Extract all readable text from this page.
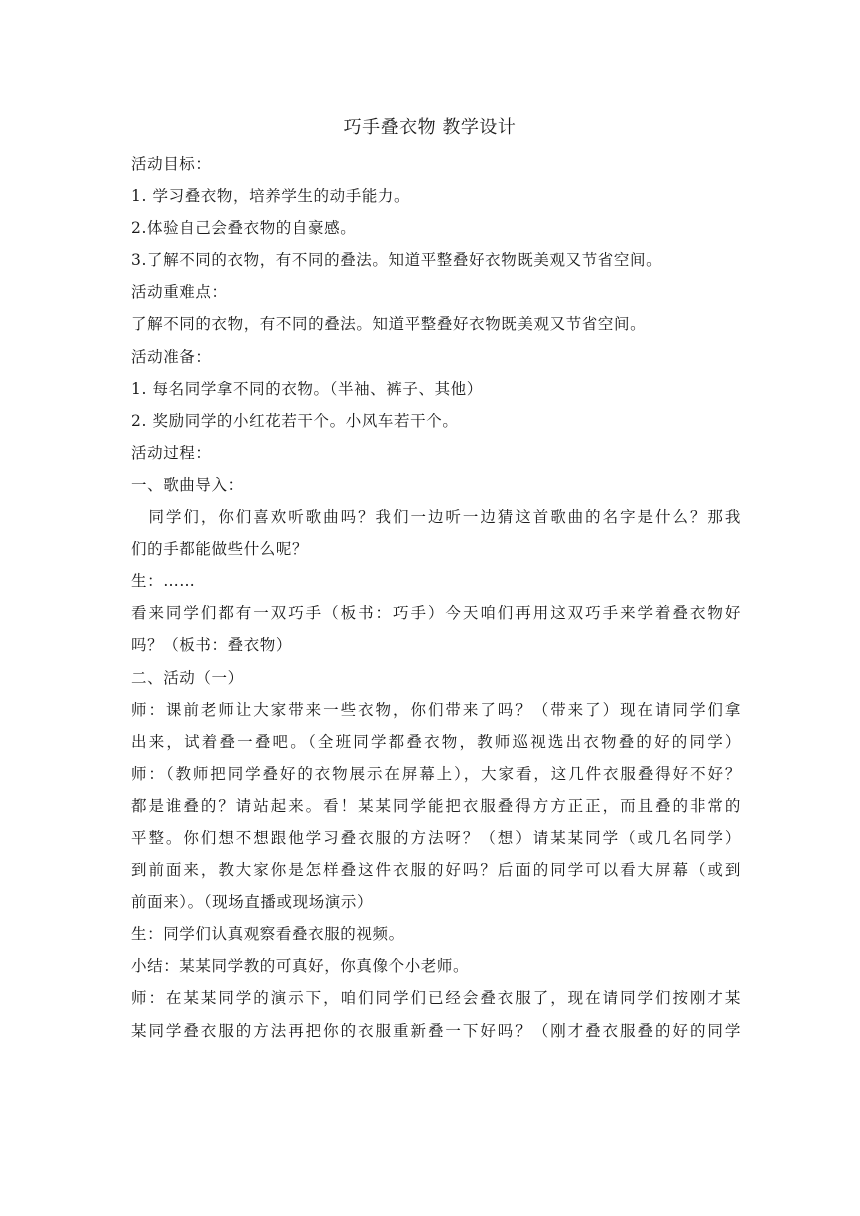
巧手叠衣物 教学设计

活动目标：

1. 学习叠衣物，培养学生的动手能力。

2.体验自己会叠衣物的自豪感。

3.了解不同的衣物，有不同的叠法。知道平整叠好衣物既美观又节省空间。

活动重难点：

了解不同的衣物，有不同的叠法。知道平整叠好衣物既美观又节省空间。

活动准备：

1. 每名同学拿不同的衣物。（半袖、裤子、其他）

2. 奖励同学的小红花若干个。小风车若干个。

活动过程：

一、歌曲导入：

　同学们，你们喜欢听歌曲吗？我们一边听一边猜这首歌曲的名字是什么？那我

们的手都能做些什么呢？

生：……

看来同学们都有一双巧手（板书：巧手）今天咱们再用这双巧手来学着叠衣物好

吗？（板书：叠衣物）

二、活动（一）

师：课前老师让大家带来一些衣物，你们带来了吗？（带来了）现在请同学们拿

出来，试着叠一叠吧。（全班同学都叠衣物，教师巡视选出衣物叠的好的同学）

师：（教师把同学叠好的衣物展示在屏幕上），大家看，这几件衣服叠得好不好？

都是谁叠的？请站起来。看！某某同学能把衣服叠得方方正正，而且叠的非常的

平整。你们想不想跟他学习叠衣服的方法呀？（想）请某某同学（或几名同学）

到前面来，教大家你是怎样叠这件衣服的好吗？后面的同学可以看大屏幕（或到

前面来）。（现场直播或现场演示）

生：同学们认真观察看叠衣服的视频。

小结：某某同学教的可真好，你真像个小老师。

师：在某某同学的演示下，咱们同学们已经会叠衣服了，现在请同学们按刚才某

某同学叠衣服的方法再把你的衣服重新叠一下好吗？（刚才叠衣服叠的好的同学
